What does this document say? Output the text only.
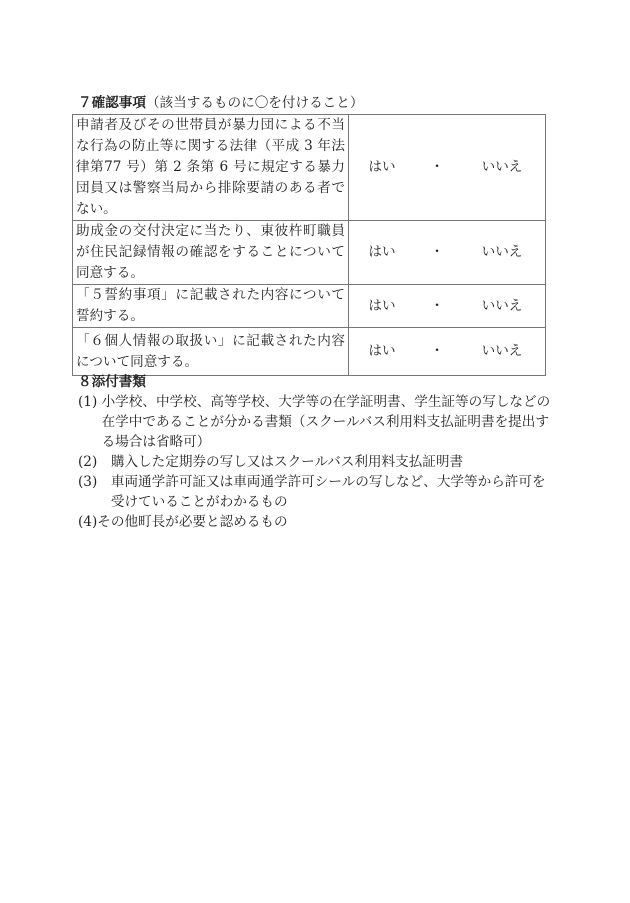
７確認事項（該当するものに〇を付けること）
申請者及びその世帯員が暴力団による不当な行為の防止等に関する法律（平成 3 年法律第77 号）第 2 条第 6 号に規定する暴力団員又は警察当局から排除要請のある者でない。	はい ・ いいえ
助成金の交付決定に当たり、東彼杵町職員が住民記録情報の確認をすることについて同意する。	はい ・ いいえ
「５誓約事項」に記載された内容について誓約する。	はい ・ いいえ
「６個人情報の取扱い」に記載された内容について同意する。	はい ・ いいえ
８添付書類
(1) 小学校、中学校、高等学校、大学等の在学証明書、学生証等の写しなどの在学中であることが分かる書類（スクールバス利用料支払証明書を提出する場合は省略可）
(2)　 購入した定期券の写し又はスクールバス利用料支払証明書
(3)　 車両通学許可証又は車両通学許可シールの写しなど、大学等から許可を受けていることがわかるもの
(4) その他町長が必要と認めるもの
